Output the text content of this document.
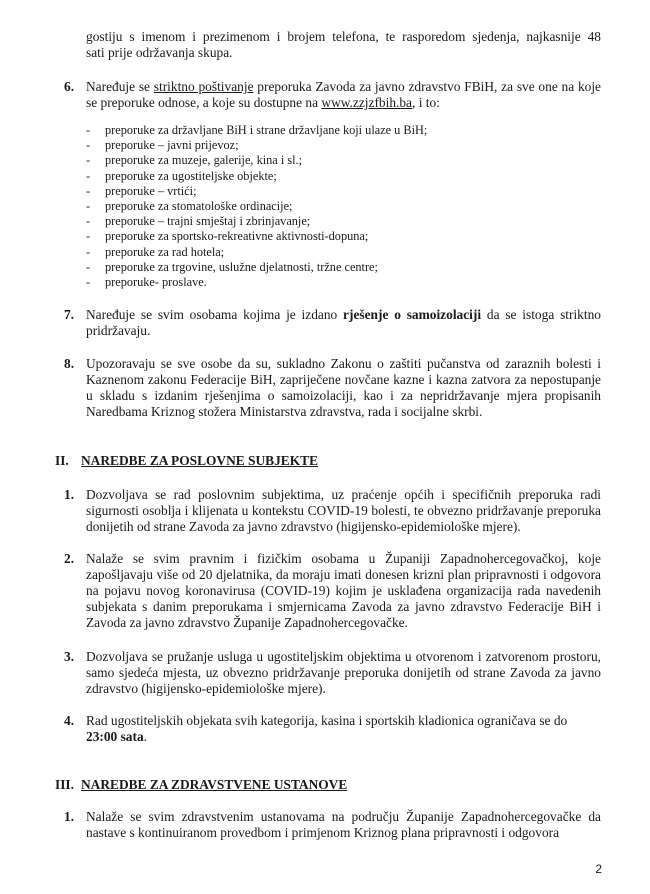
gostiju s imenom i prezimenom i brojem telefona, te rasporedom sjedenja, najkasnije 48
sati prije održavanja skupa.
6. Naređuje se striktno poštivanje preporuka Zavoda za javno zdravstvo FBiH, za sve one na koje se preporuke odnose, a koje su dostupne na www.zzjzfbih.ba, i to:
- preporuke za državljane BiH i strane državljane koji ulaze u BiH;
- preporuke – javni prijevoz;
- preporuke za muzeje, galerije, kina i sl.;
- preporuke za ugostiteljske objekte;
- preporuke – vrtići;
- preporuke za stomatološke ordinacije;
- preporuke – trajni smještaj i zbrinjavanje;
- preporuke za sportsko-rekreativne aktivnosti-dopuna;
- preporuke za rad hotela;
- preporuke za trgovine, uslužne djelatnosti, tržne centre;
- preporuke- proslave.
7. Naređuje se svim osobama kojima je izdano rješenje o samoizolaciji da se istoga striktno pridržavaju.
8. Upozoravaju se sve osobe da su, sukladno Zakonu o zaštiti pučanstva od zaraznih bolesti i Kaznenom zakonu Federacije BiH, zapriječene novčane kazne i kazna zatvora za nepostupanje u skladu s izdanim rješenjima o samoizolaciji, kao i za nepridržavanje mjera propisanih Naredbama Kriznog stožera Ministarstva zdravstva, rada i socijalne skrbi.
II. NAREDBE ZA POSLOVNE SUBJEKTE
1. Dozvoljava se rad poslovnim subjektima, uz praćenje općih i specifičnih preporuka radi sigurnosti osoblja i klijenata u kontekstu COVID-19 bolesti, te obvezno pridržavanje preporuka donijetih od strane Zavoda za javno zdravstvo (higijensko-epidemiološke mjere).
2. Nalaže se svim pravnim i fizičkim osobama u Županiji Zapadnohercegovačkoj, koje zapošljavaju više od 20 djelatnika, da moraju imati donesen krizni plan pripravnosti i odgovora na pojavu novog koronavirusa (COVID-19) kojim je usklađena organizacija rada navedenih subjekata s danim preporukama i smjernicama Zavoda za javno zdravstvo Federacije BiH i Zavoda za javno zdravstvo Županije Zapadnohercegovačke.
3. Dozvoljava se pružanje usluga u ugostiteljskim objektima u otvorenom i zatvorenom prostoru, samo sjedeća mjesta, uz obvezno pridržavanje preporuka donijetih od strane Zavoda za javno zdravstvo (higijensko-epidemiološke mjere).
4. Rad ugostiteljskih objekata svih kategorija, kasina i sportskih kladionica ograničava se do
23:00 sata.
III. NAREDBE ZA ZDRAVSTVENE USTANOVE
1. Nalaže se svim zdravstvenim ustanovama na području Županije Zapadnohercegovačke da nastave s kontinuiranom provedbom i primjenom Kriznog plana pripravnosti i odgovora
2
